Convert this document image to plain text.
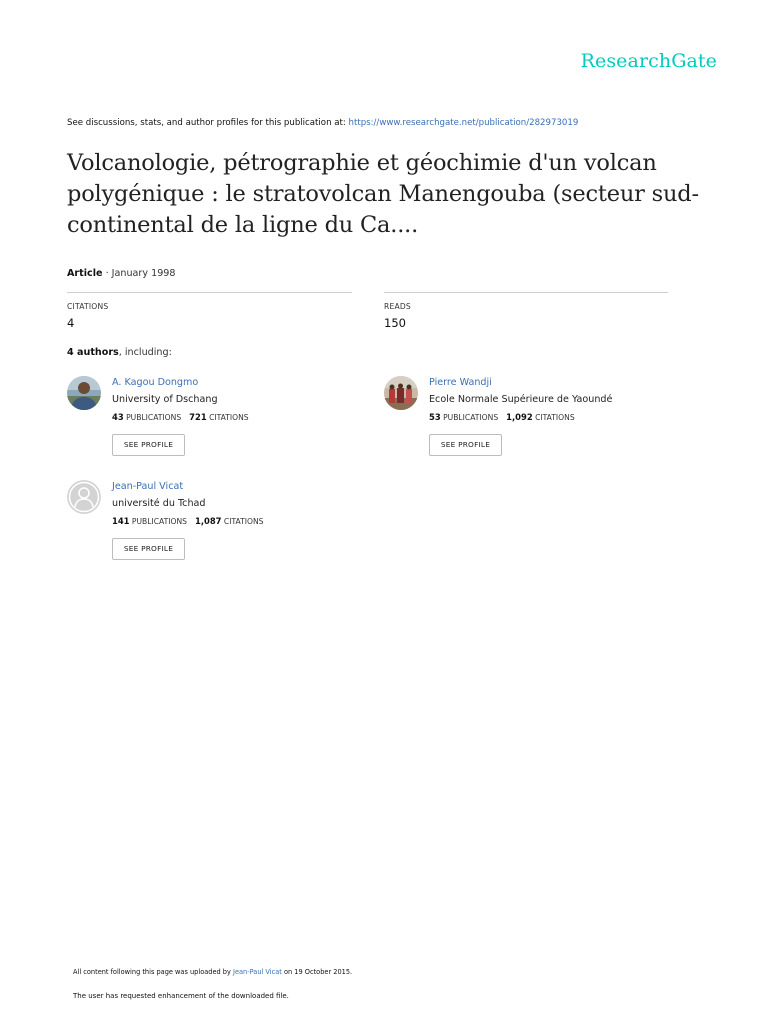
ResearchGate
See discussions, stats, and author profiles for this publication at: https://www.researchgate.net/publication/282973019
Volcanologie, pétrographie et géochimie d'un volcan
polygénique : le stratovolcan Manengouba (secteur sud-
continental de la ligne du Ca....
Article · January 1998
CITATIONS
4
READS
150
4 authors, including:
A. Kagou Dongmo
University of Dschang
43 PUBLICATIONS 721 CITATIONS
SEE PROFILE
Pierre Wandji
Ecole Normale Supérieure de Yaoundé
53 PUBLICATIONS 1,092 CITATIONS
SEE PROFILE
Jean-Paul Vicat
université du Tchad
141 PUBLICATIONS 1,087 CITATIONS
SEE PROFILE
All content following this page was uploaded by Jean-Paul Vicat on 19 October 2015.
The user has requested enhancement of the downloaded file.
